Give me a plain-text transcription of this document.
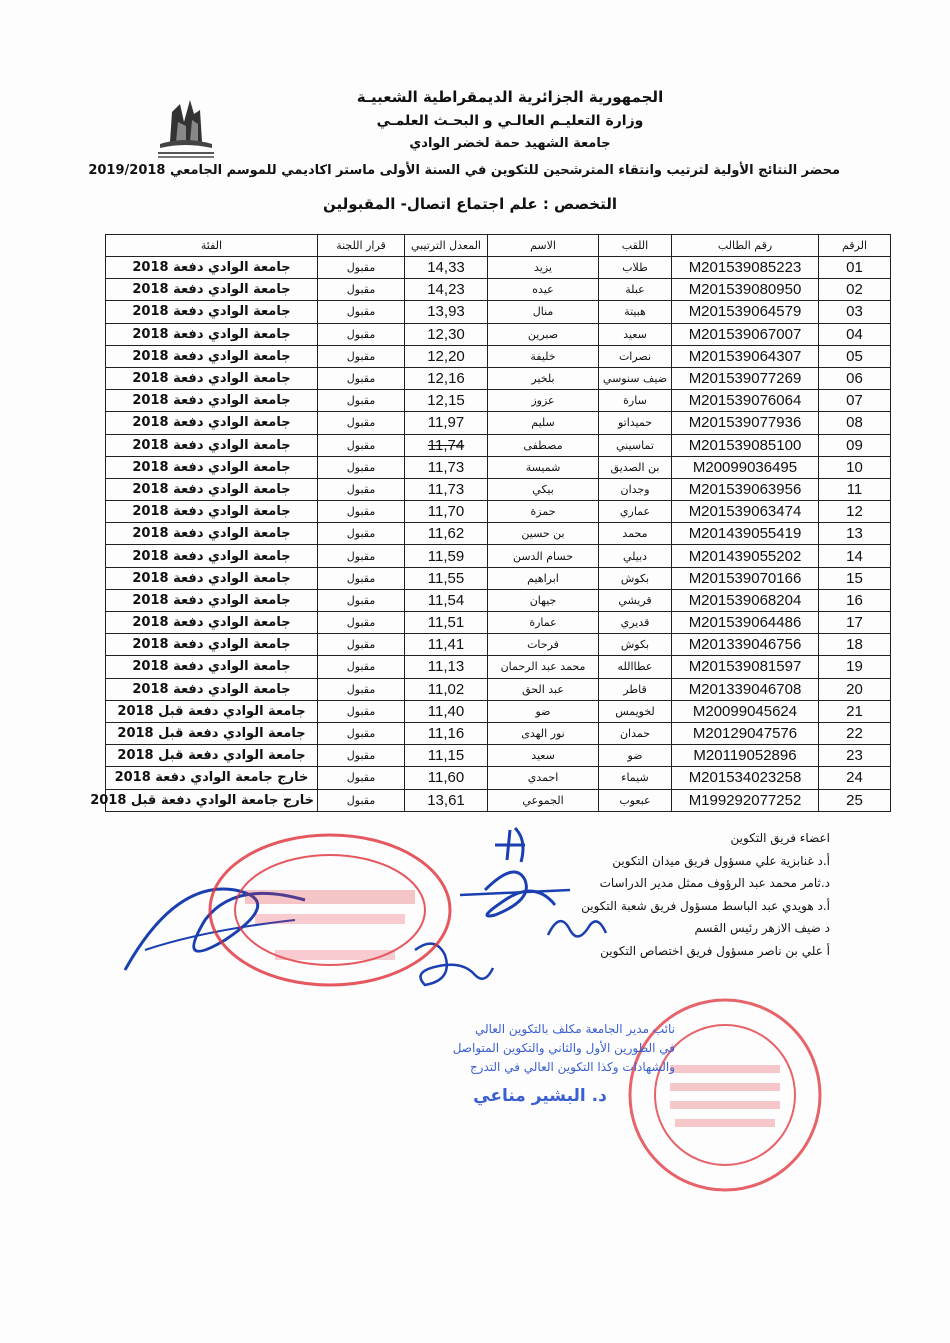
الجمهورية الجزائرية الديمقراطية الشعبيـة
وزارة التعليـم العالـي و البحـث العلمـي
جامعة الشهيد حمة لخضر الوادي
محضر النتائج الأولية لترتيب وانتقاء المترشحين للتكوين في السنة الأولى ماستر اكاديمي للموسم الجامعي 2019/2018
التخصص : علم اجتماع اتصال- المقبولين
الرقم	رقم الطالب	اللقب	الاسم	المعدل الترتيبي	قرار اللجنة	الفئة
01	M201539085223	طلاب	يزيد	14,33	مقبول	جامعة الوادي دفعة 2018
02	M201539080950	عبلة	عيده	14,23	مقبول	جامعة الوادي دفعة 2018
03	M201539064579	هبيتة	منال	13,93	مقبول	جامعة الوادي دفعة 2018
04	M201539067007	سعيد	صبرين	12,30	مقبول	جامعة الوادي دفعة 2018
05	M201539064307	نصرات	خليفة	12,20	مقبول	جامعة الوادي دفعة 2018
06	M201539077269	ضيف سنوسي	بلخير	12,16	مقبول	جامعة الوادي دفعة 2018
07	M201539076064	سارة	عزوز	12,15	مقبول	جامعة الوادي دفعة 2018
08	M201539077936	حميداتو	سليم	11,97	مقبول	جامعة الوادي دفعة 2018
09	M201539085100	تماسيني	مصطفى	11,74	مقبول	جامعة الوادي دفعة 2018
10	M20099036495	بن الصديق	شميسة	11,73	مقبول	جامعة الوادي دفعة 2018
11	M201539063956	وجدان	بيكي	11,73	مقبول	جامعة الوادي دفعة 2018
12	M201539063474	عماري	حمزة	11,70	مقبول	جامعة الوادي دفعة 2018
13	M201439055419	محمد	بن حسين	11,62	مقبول	جامعة الوادي دفعة 2018
14	M201439055202	دبيلي	حسام الدسن	11,59	مقبول	جامعة الوادي دفعة 2018
15	M201539070166	بكوش	ابراهيم	11,55	مقبول	جامعة الوادي دفعة 2018
16	M201539068204	قريشي	جيهان	11,54	مقبول	جامعة الوادي دفعة 2018
17	M201539064486	قديري	عمارة	11,51	مقبول	جامعة الوادي دفعة 2018
18	M201339046756	بكوش	فرحات	11,41	مقبول	جامعة الوادي دفعة 2018
19	M201539081597	عطاالله	محمد عبد الرحمان	11,13	مقبول	جامعة الوادي دفعة 2018
20	M201339046708	قاطر	عبد الحق	11,02	مقبول	جامعة الوادي دفعة 2018
21	M20099045624	لخويمس	ضو	11,40	مقبول	جامعة الوادي دفعة قبل 2018
22	M20129047576	حمدان	نور الهدى	11,16	مقبول	جامعة الوادي دفعة قبل 2018
23	M20119052896	ضو	سعيد	11,15	مقبول	جامعة الوادي دفعة قبل 2018
24	M201534023258	شيماء	احمدي	11,60	مقبول	خارج جامعة الوادي دفعة 2018
25	M199292077252	عبعوب	الجموعي	13,61	مقبول	خارج جامعة الوادي دفعة قبل 2018
اعضاء فريق التكوين
أ.د غنابزية علي مسؤول فريق ميدان التكوين
د.ثامر محمد عبد الرؤوف ممثل مدير الدراسات
أ.د هويدي عبد الباسط مسؤول فريق شعبة التكوين
د ضيف الازهر رئيس القسم
أ علي بن ناصر مسؤول فريق اختصاص التكوين
نائب مدير الجامعة مكلف بالتكوين العالي
في الطورين الأول والثاني والتكوين المتواصل
والشهادات وكذا التكوين العالي في التدرج
د. البشير مناعي
